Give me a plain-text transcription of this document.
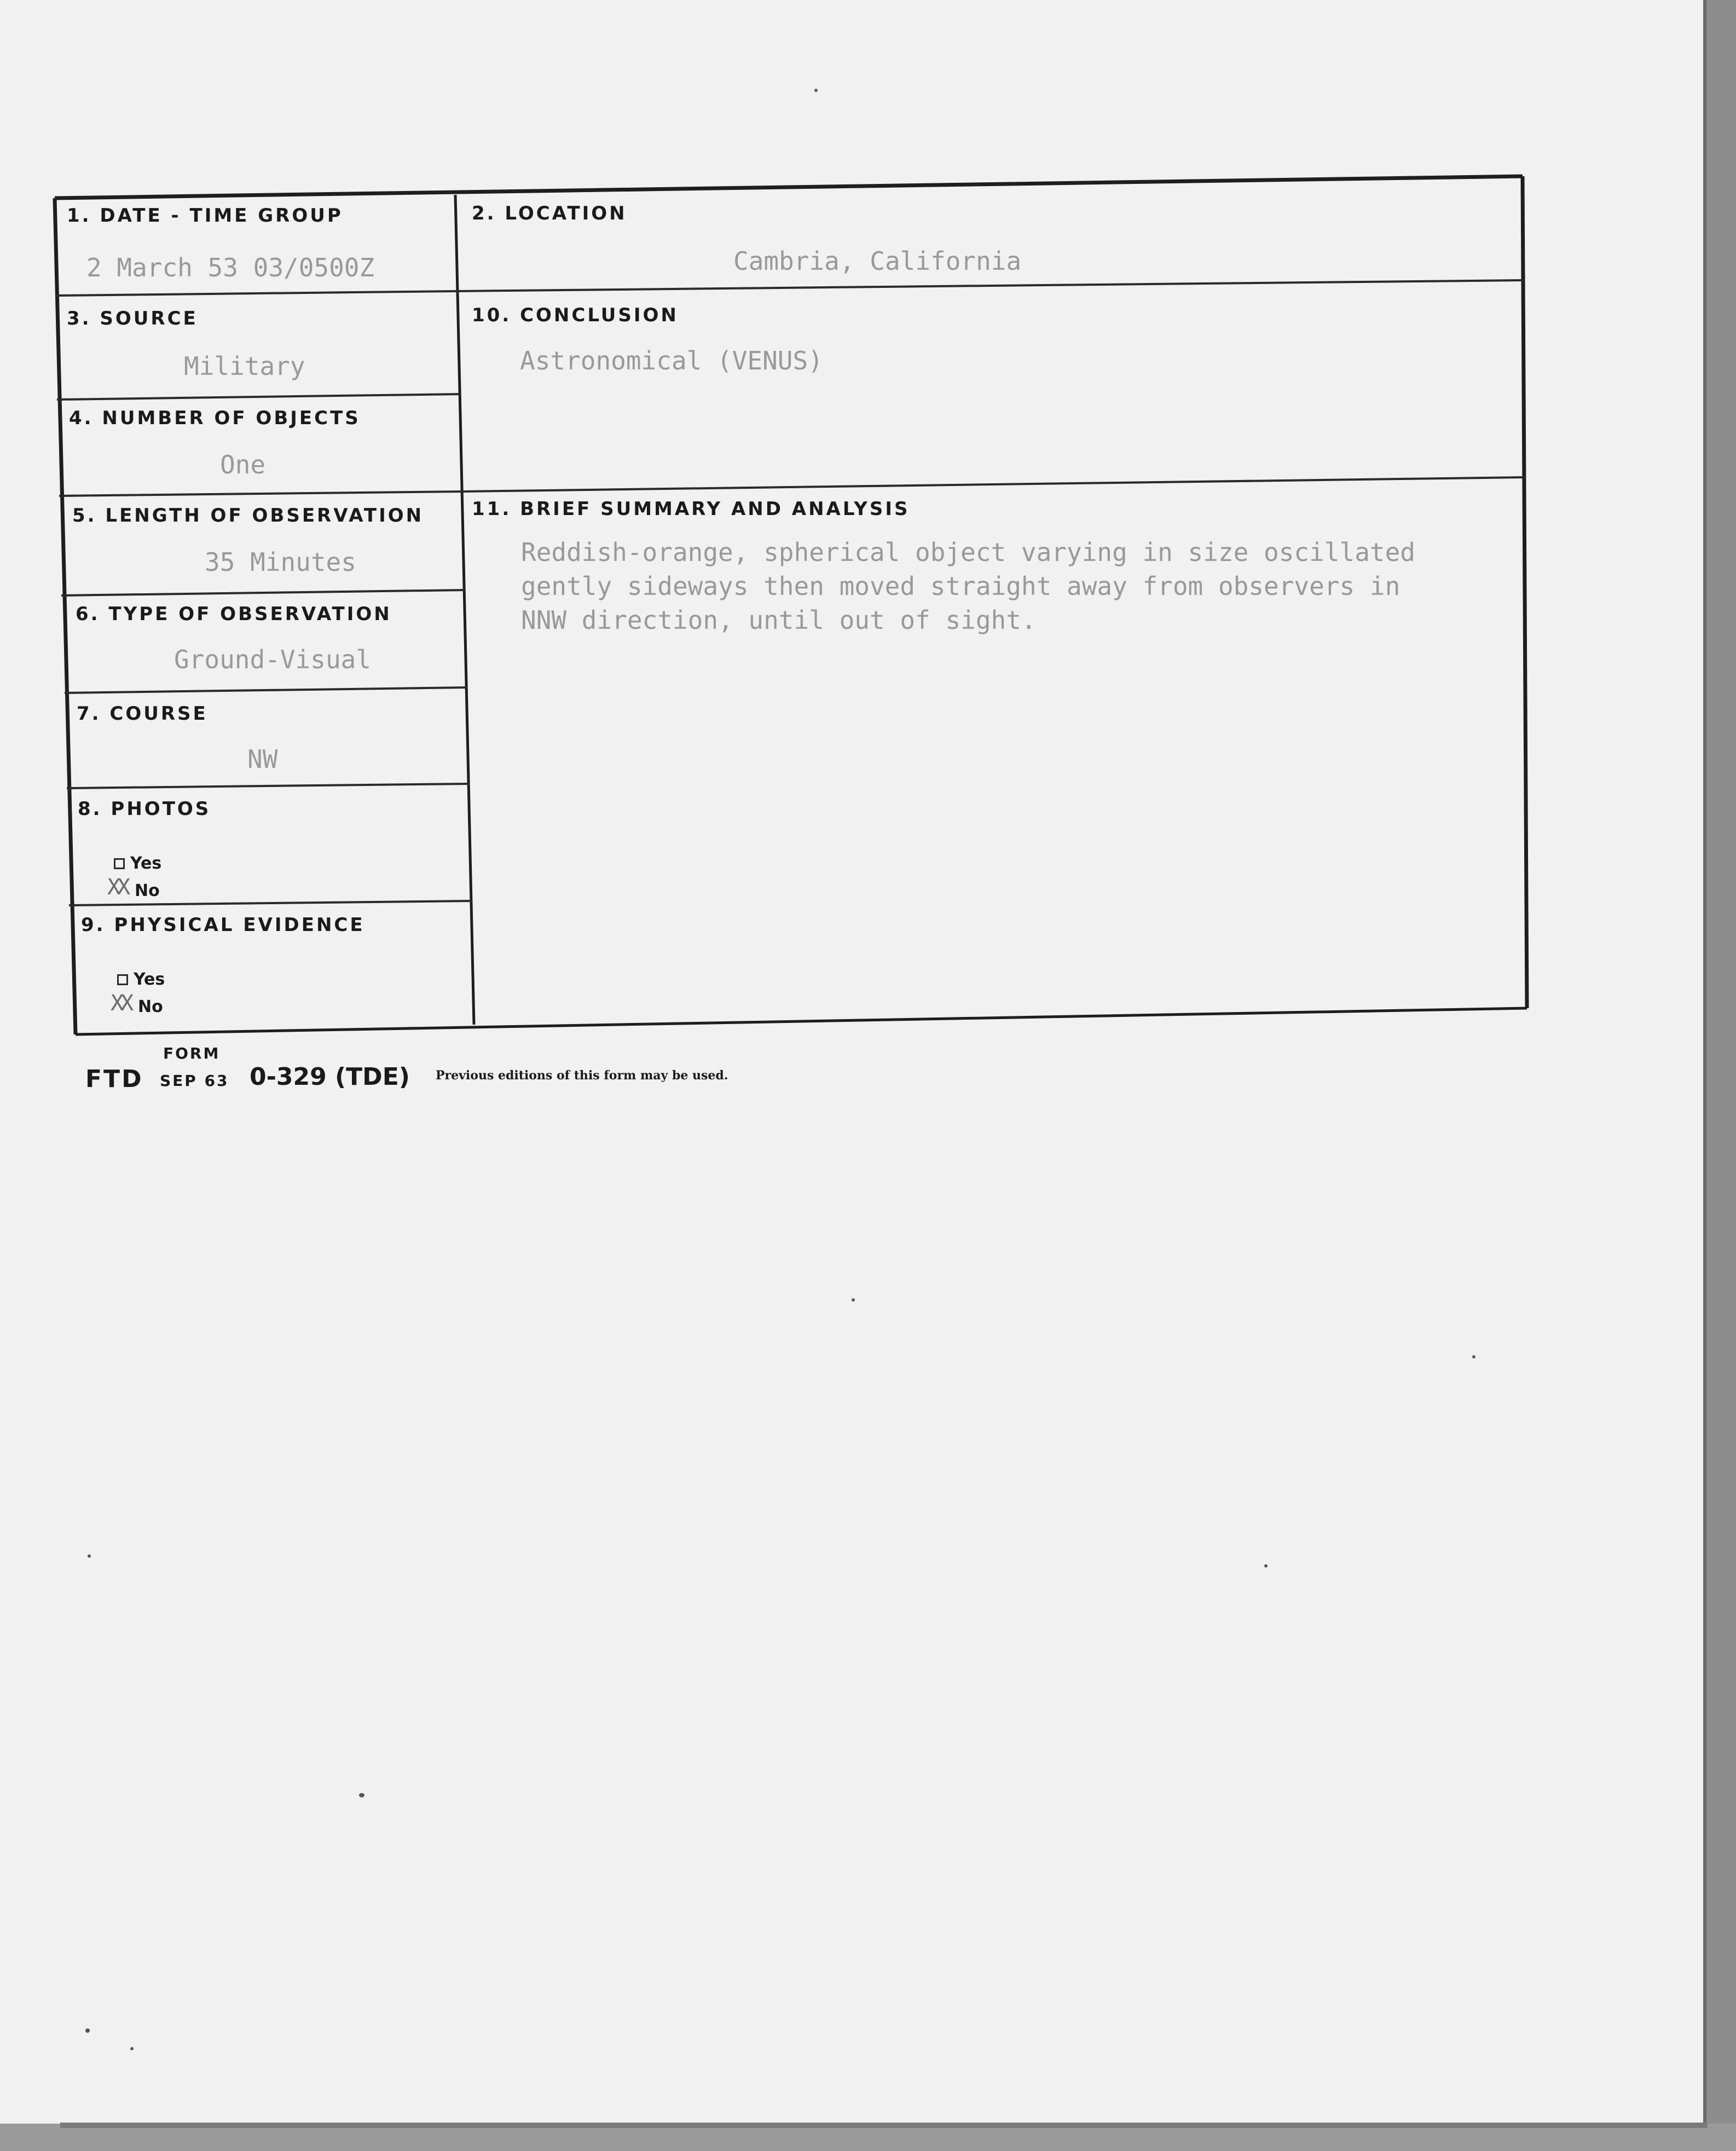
1. DATE - TIME GROUP
2 March 53 03/0500Z
2. LOCATION
Cambria, California
3. SOURCE
Military
10. CONCLUSION
Astronomical (VENUS)
4. NUMBER OF OBJECTS
One
5. LENGTH OF OBSERVATION
35 Minutes
11. BRIEF SUMMARY AND ANALYSIS
Reddish-orange, spherical object varying in size oscillated
gently sideways then moved straight away from observers in
NNW direction, until out of sight.
6. TYPE OF OBSERVATION
Ground-Visual
7. COURSE
NW
8. PHOTOS
Yes
XX No
9. PHYSICAL EVIDENCE
Yes
XX No
FORM
FTD SEP 63 0-329 (TDE) Previous editions of this form may be used.
